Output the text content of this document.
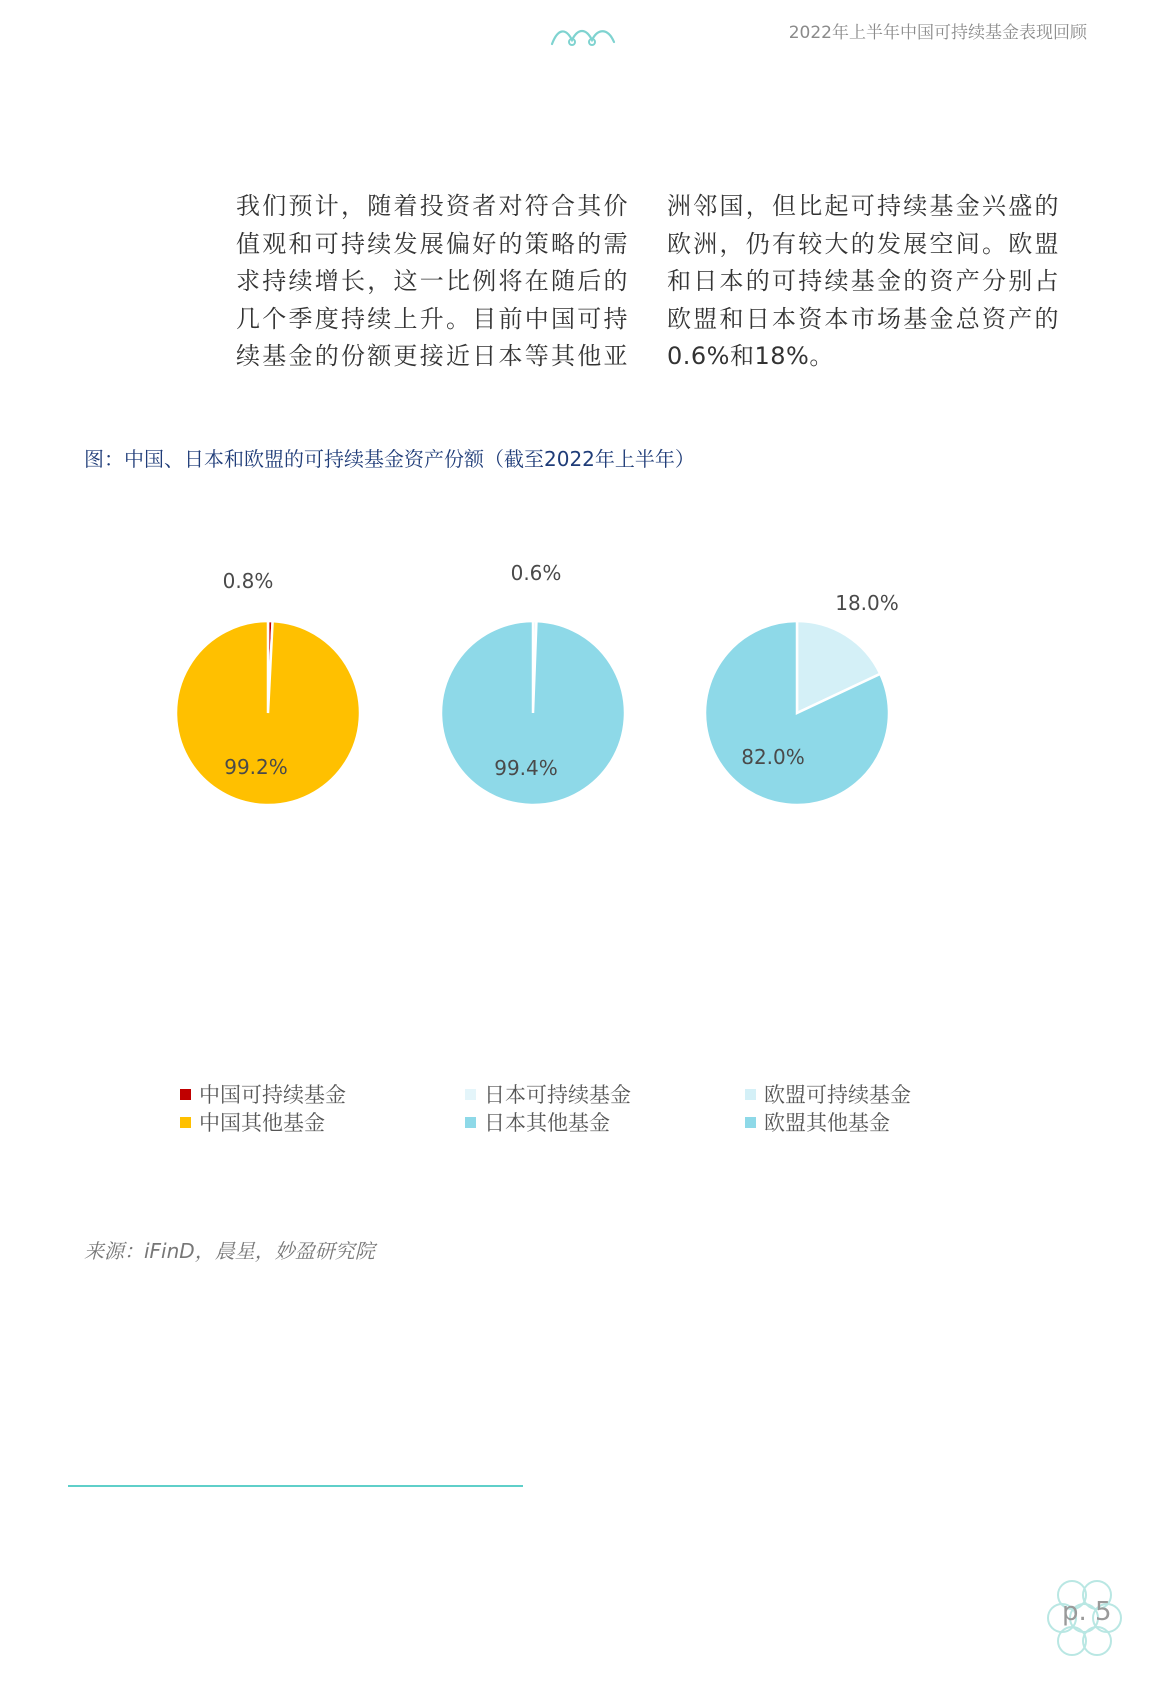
2022年上半年中国可持续基金表现回顾
我们预计，随着投资者对符合其价
值观和可持续发展偏好的策略的需
求持续增长，这一比例将在随后的
几个季度持续上升。目前中国可持
续基金的份额更接近日本等其他亚
洲邻国，但比起可持续基金兴盛的
欧洲，仍有较大的发展空间。欧盟
和日本的可持续基金的资产分别占
欧盟和日本资本市场基金总资产的
0.6%和18%。
图：中国、日本和欧盟的可持续基金资产份额（截至2022年上半年）
0.8%
99.2%
0.6%
99.4%
18.0%
82.0%
中国可持续基金
中国其他基金
日本可持续基金
日本其他基金
欧盟可持续基金
欧盟其他基金
来源：iFinD，晨星，妙盈研究院
p. 5
